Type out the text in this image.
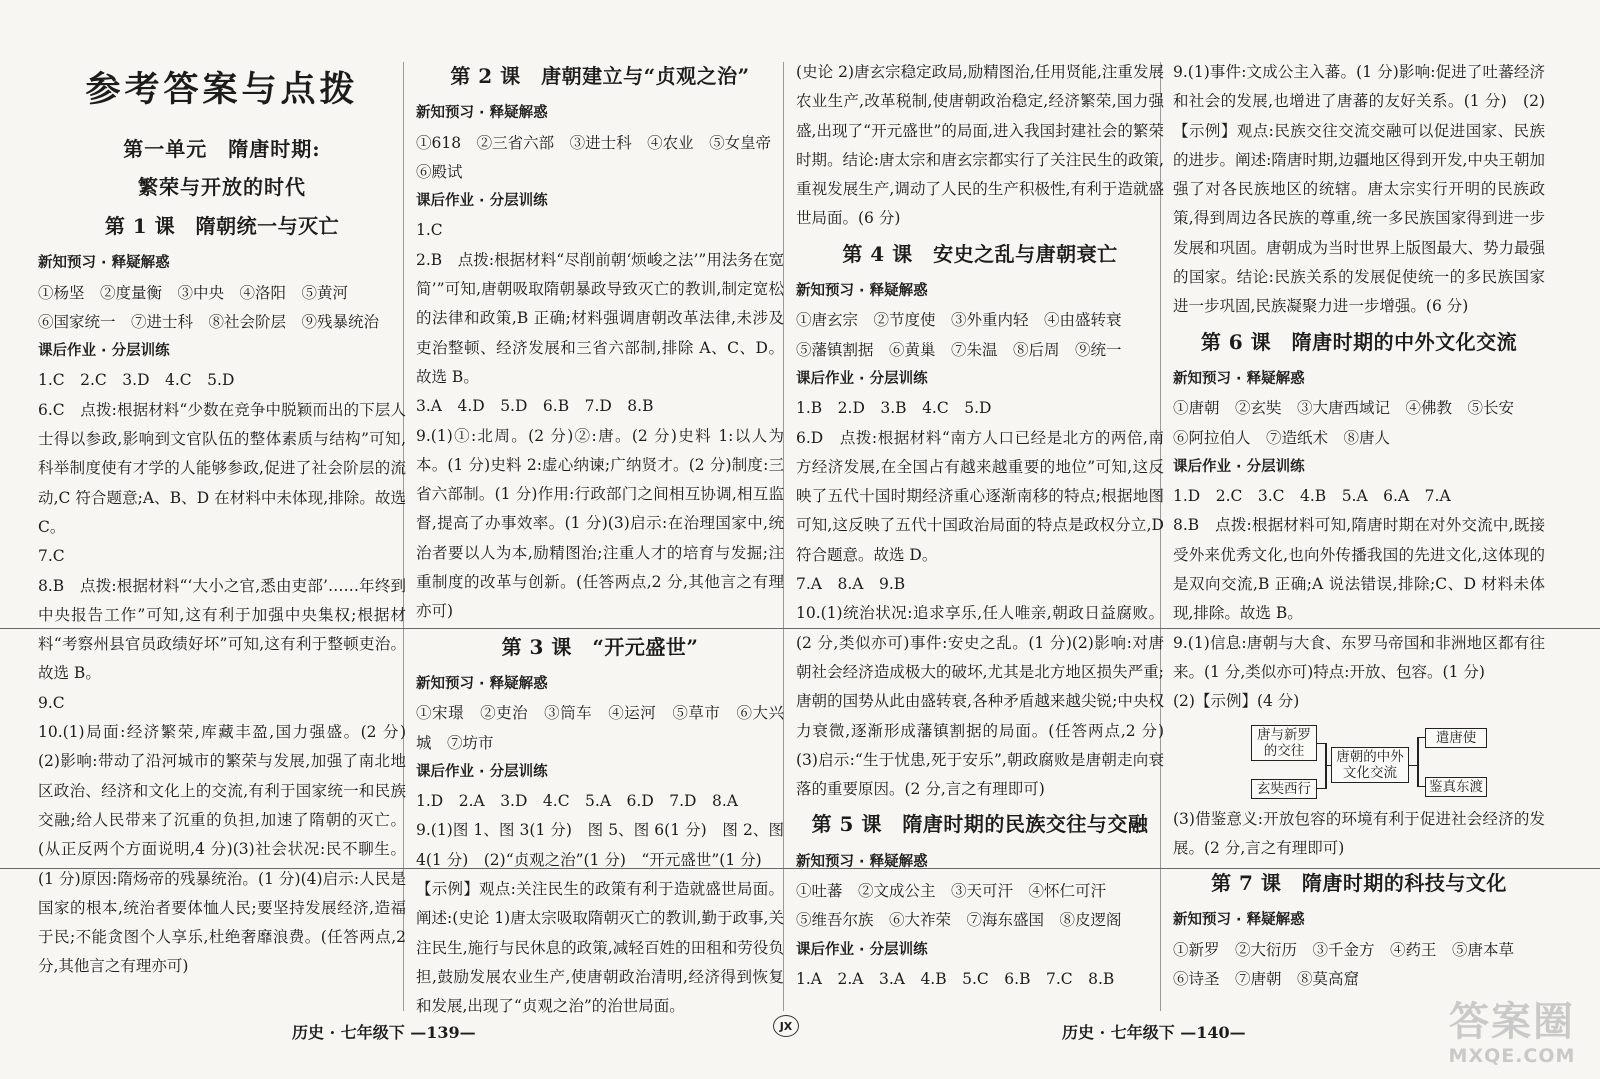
参考答案与点拨
第一单元　隋唐时期:
繁荣与开放的时代
第 1 课　隋朝统一与灭亡

新知预习 · 释疑解惑

①杨坚　②度量衡　③中央　④洛阳　⑤黄河

⑥国家统一　⑦进士科　⑧社会阶层　⑨残暴统治

课后作业 · 分层训练

1.C　2.C　3.D　4.C　5.D

6.C　点拨:根据材料“少数在竞争中脱颖而出的下层人士得以参政,影响到文官队伍的整体素质与结构”可知,科举制度使有才学的人能够参政,促进了社会阶层的流动,C 符合题意;A、B、D 在材料中未体现,排除。故选 C。

7.C

8.B　点拨:根据材料“‘大小之官,悉由吏部’……年终到中央报告工作”可知,这有利于加强中央集权;根据材料“考察州县官员政绩好坏”可知,这有利于整顿吏治。故选 B。

9.C

10.(1)局面:经济繁荣,库藏丰盈,国力强盛。(2 分)　(2)影响:带动了沿河城市的繁荣与发展,加强了南北地区政治、经济和文化上的交流,有利于国家统一和民族交融;给人民带来了沉重的负担,加速了隋朝的灭亡。(从正反两个方面说明,4 分)(3)社会状况:民不聊生。(1 分)原因:隋炀帝的残暴统治。(1 分)(4)启示:人民是国家的根本,统治者要体恤人民;要坚持发展经济,造福于民;不能贪图个人享乐,杜绝奢靡浪费。(任答两点,2 分,其他言之有理亦可)

第 2 课　唐朝建立与“贞观之治”

新知预习 · 释疑解惑

①618　②三省六部　③进士科　④农业　⑤女皇帝

⑥殿试

课后作业 · 分层训练

1.C

2.B　点拨:根据材料“尽削前朝‘烦峻之法’”用法务在宽简’”可知,唐朝吸取隋朝暴政导致灭亡的教训,制定宽松的法律和政策,B 正确;材料强调唐朝改革法律,未涉及吏治整顿、经济发展和三省六部制,排除 A、C、D。故选 B。

3.A　4.D　5.D　6.B　7.D　8.B

9.(1)①:北周。(2 分)②:唐。(2 分)史料 1:以人为本。(1 分)史料 2:虚心纳谏;广纳贤才。(2 分)制度:三省六部制。(1 分)作用:行政部门之间相互协调,相互监督,提高了办事效率。(1 分)(3)启示:在治理国家中,统治者要以人为本,励精图治;注重人才的培育与发掘;注重制度的改革与创新。(任答两点,2 分,其他言之有理亦可)

第 3 课　“开元盛世”

新知预习 · 释疑解惑

①宋璟　②吏治　③筒车　④运河　⑤草市　⑥大兴城　⑦坊市

课后作业 · 分层训练

1.D　2.A　3.D　4.C　5.A　6.D　7.D　8.A

9.(1)图 1、图 3(1 分)　图 5、图 6(1 分)　图 2、图 4(1 分)　(2)“贞观之治”(1 分)　“开元盛世”(1 分)

【示例】观点:关注民生的政策有利于造就盛世局面。阐述:(史论 1)唐太宗吸取隋朝灭亡的教训,勤于政事,关注民生,施行与民休息的政策,减轻百姓的田租和劳役负担,鼓励发展农业生产,使唐朝政治清明,经济得到恢复和发展,出现了“贞观之治”的治世局面。

(史论 2)唐玄宗稳定政局,励精图治,任用贤能,注重发展农业生产,改革税制,使唐朝政治稳定,经济繁荣,国力强盛,出现了“开元盛世”的局面,进入我国封建社会的繁荣时期。结论:唐太宗和唐玄宗都实行了关注民生的政策,重视发展生产,调动了人民的生产积极性,有利于造就盛世局面。(6 分)

第 4 课　安史之乱与唐朝衰亡

新知预习 · 释疑解惑

①唐玄宗　②节度使　③外重内轻　④由盛转衰

⑤藩镇割据　⑥黄巢　⑦朱温　⑧后周　⑨统一

课后作业 · 分层训练

1.B　2.D　3.B　4.C　5.D

6.D　点拨:根据材料“南方人口已经是北方的两倍,南方经济发展,在全国占有越来越重要的地位”可知,这反映了五代十国时期经济重心逐渐南移的特点;根据地图可知,这反映了五代十国政治局面的特点是政权分立,D 符合题意。故选 D。

7.A　8.A　9.B

10.(1)统治状况:追求享乐,任人唯亲,朝政日益腐败。(2 分,类似亦可)事件:安史之乱。(1 分)(2)影响:对唐朝社会经济造成极大的破坏,尤其是北方地区损失严重;唐朝的国势从此由盛转衰,各种矛盾越来越尖锐;中央权力衰微,逐渐形成藩镇割据的局面。(任答两点,2 分)(3)启示:“生于忧患,死于安乐”,朝政腐败是唐朝走向衰落的重要原因。(2 分,言之有理即可)

第 5 课　隋唐时期的民族交往与交融

新知预习 · 释疑解惑

①吐蕃　②文成公主　③天可汗　④怀仁可汗

⑤维吾尔族　⑥大祚荣　⑦海东盛国　⑧皮逻阁

课后作业 · 分层训练

1.A　2.A　3.A　4.B　5.C　6.B　7.C　8.B

9.(1)事件:文成公主入蕃。(1 分)影响:促进了吐蕃经济和社会的发展,也增进了唐蕃的友好关系。(1 分)　(2)【示例】观点:民族交往交流交融可以促进国家、民族的进步。阐述:隋唐时期,边疆地区得到开发,中央王朝加强了对各民族地区的统辖。唐太宗实行开明的民族政策,得到周边各民族的尊重,统一多民族国家得到进一步发展和巩固。唐朝成为当时世界上版图最大、势力最强的国家。结论:民族关系的发展促使统一的多民族国家进一步巩固,民族凝聚力进一步增强。(6 分)

第 6 课　隋唐时期的中外文化交流

新知预习 · 释疑解惑

①唐朝　②玄奘　③大唐西域记　④佛教　⑤长安

⑥阿拉伯人　⑦造纸术　⑧唐人

课后作业 · 分层训练

1.D　2.C　3.C　4.B　5.A　6.A　7.A

8.B　点拨:根据材料可知,隋唐时期在对外交流中,既接受外来优秀文化,也向外传播我国的先进文化,这体现的是双向交流,B 正确;A 说法错误,排除;C、D 材料未体现,排除。故选 B。

9.(1)信息:唐朝与大食、东罗马帝国和非洲地区都有往来。(1 分,类似亦可)特点:开放、包容。(1 分)

(2)【示例】(4 分)

唐与新罗的交往
玄奘西行
唐朝的中外文化交流
遣唐使
鉴真东渡

(3)借鉴意义:开放包容的环境有利于促进社会经济的发展。(2 分,言之有理即可)

第 7 课　隋唐时期的科技与文化

新知预习 · 释疑解惑

①新罗　②大衍历　③千金方　④药王　⑤唐本草

⑥诗圣　⑦唐朝　⑧莫高窟

历史 · 七年级下 —139—	JX	历史 · 七年级下 —140—	答案圈
MXQE.COM
